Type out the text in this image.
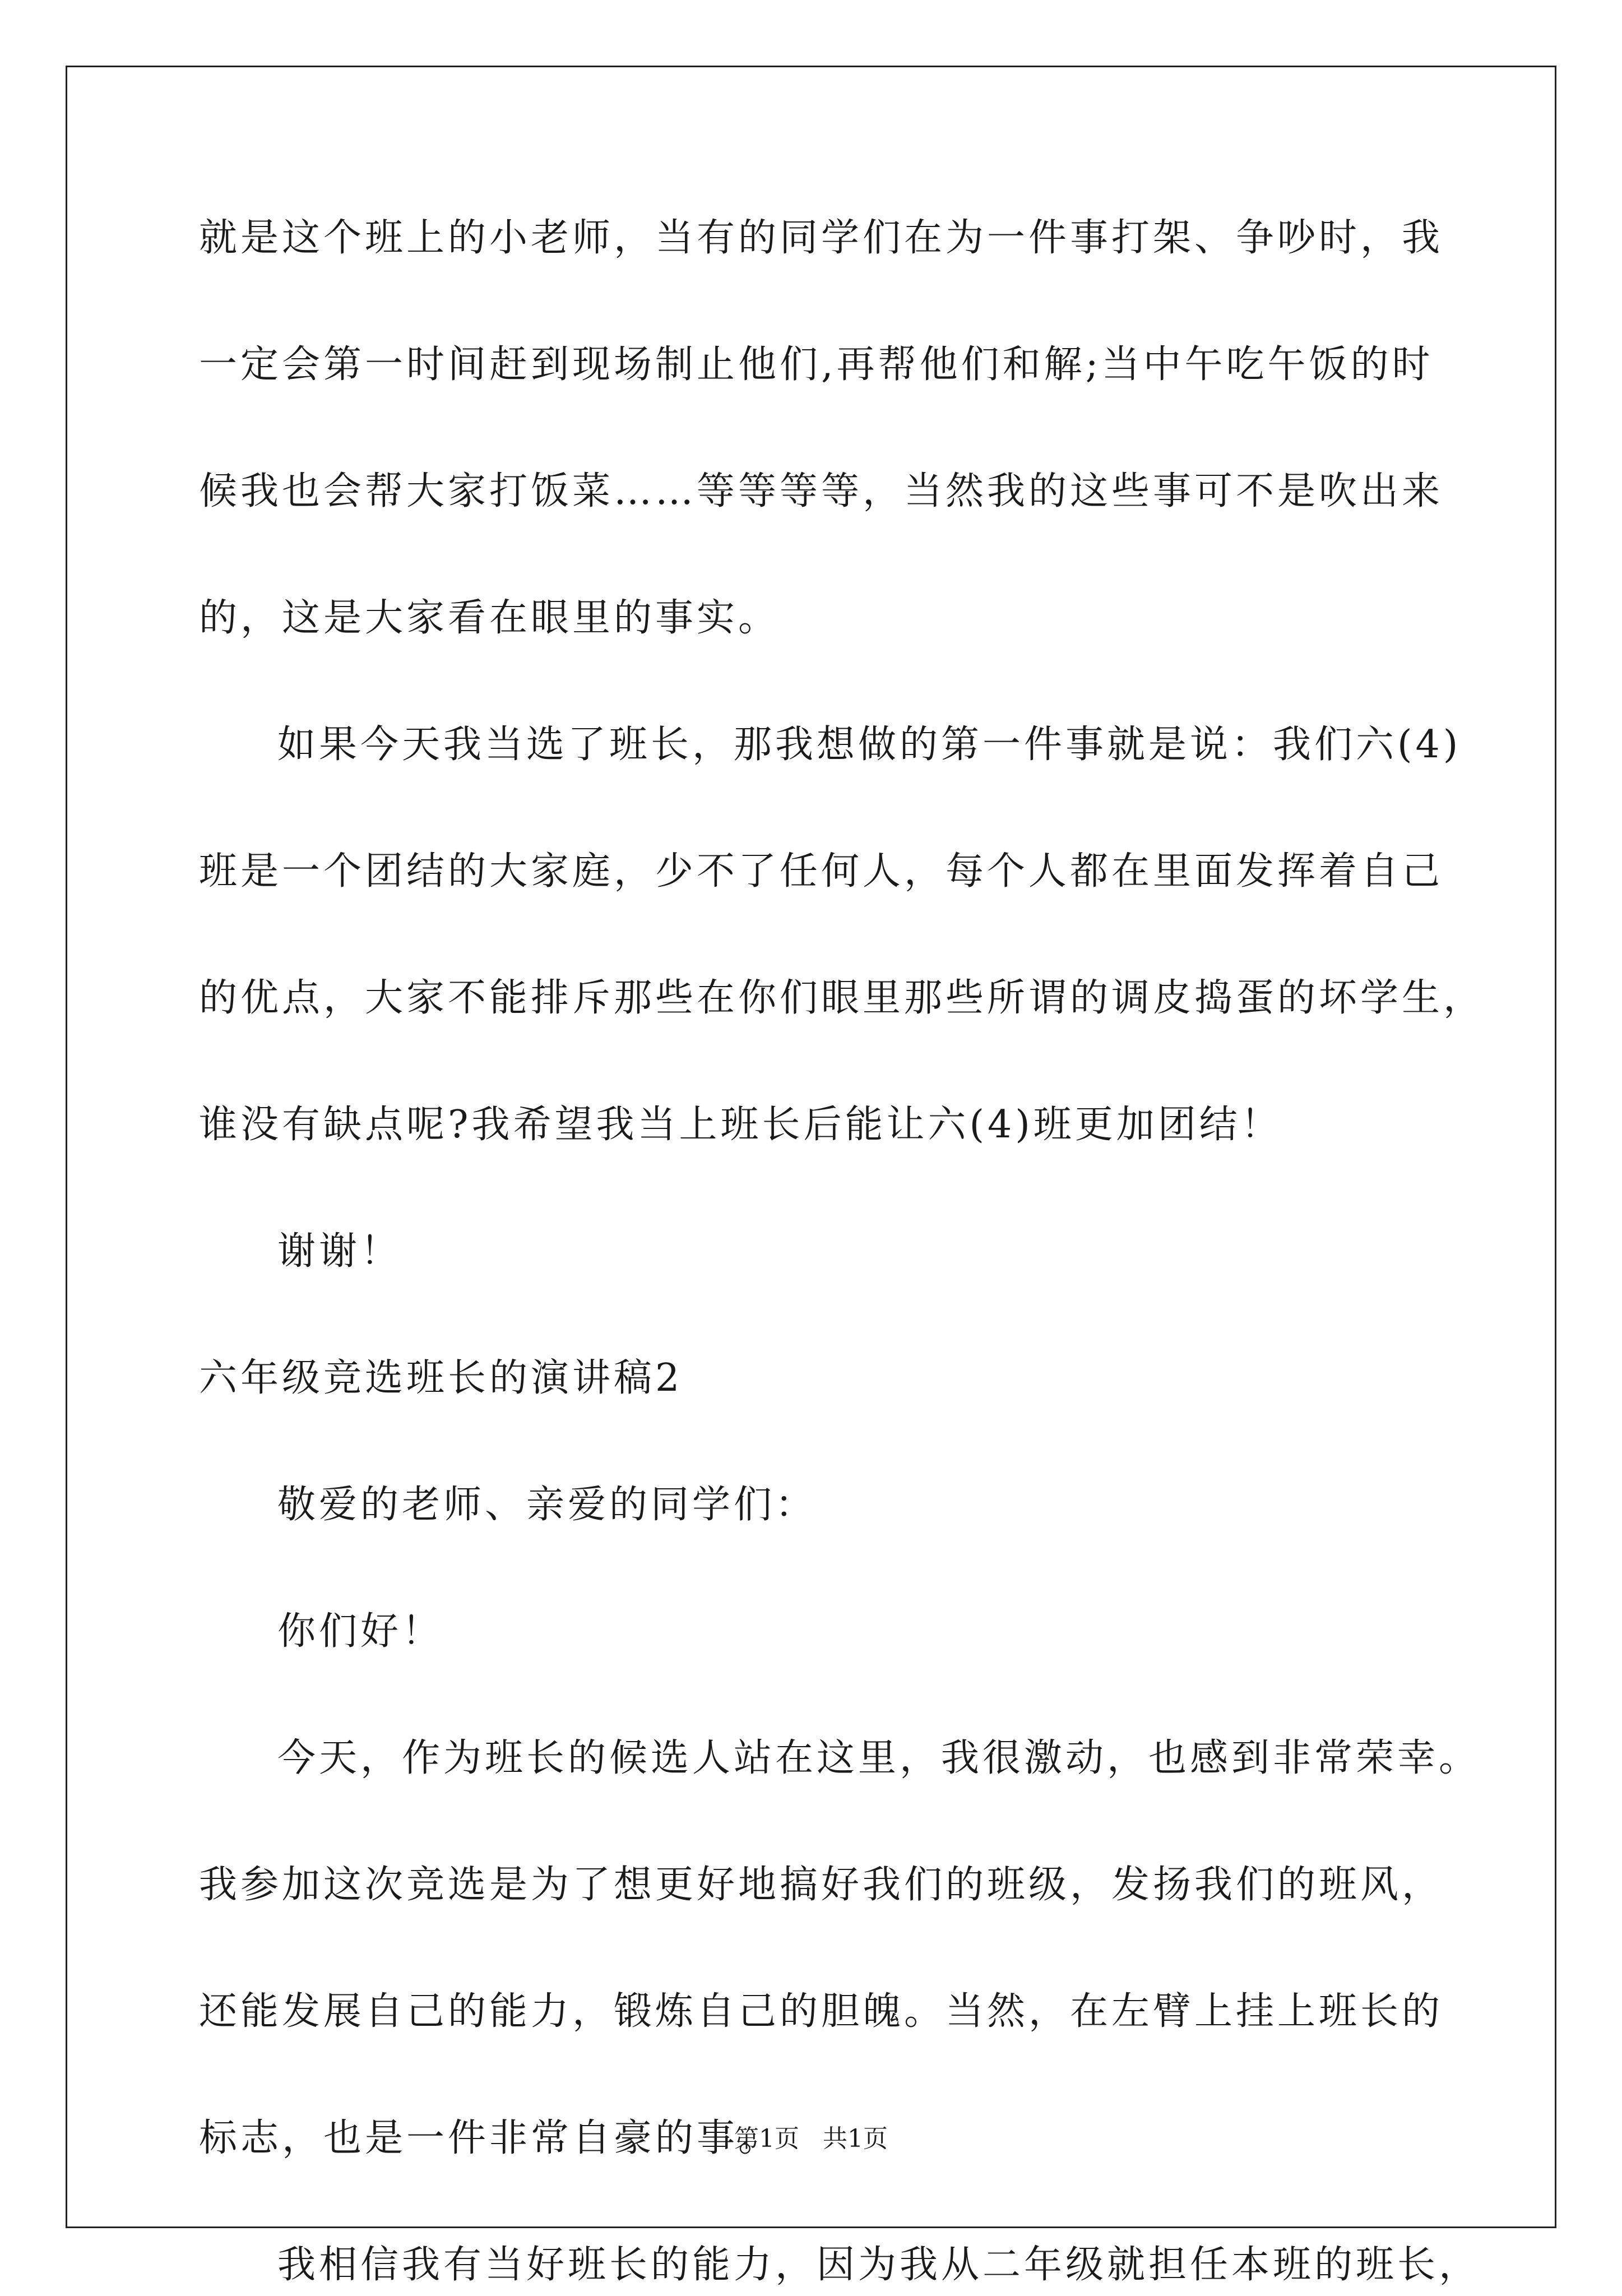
就是这个班上的小老师，当有的同学们在为一件事打架、争吵时，我
一定会第一时间赶到现场制止他们,再帮他们和解;当中午吃午饭的时
候我也会帮大家打饭菜……等等等等，当然我的这些事可不是吹出来
的，这是大家看在眼里的事实。
如果今天我当选了班长，那我想做的第一件事就是说：我们六(4)
班是一个团结的大家庭，少不了任何人，每个人都在里面发挥着自己
的优点，大家不能排斥那些在你们眼里那些所谓的调皮捣蛋的坏学生，
谁没有缺点呢?我希望我当上班长后能让六(4)班更加团结！
谢谢！
六年级竞选班长的演讲稿2
敬爱的老师、亲爱的同学们：
你们好！
今天，作为班长的候选人站在这里，我很激动，也感到非常荣幸。
我参加这次竞选是为了想更好地搞好我们的班级，发扬我们的班风，
还能发展自己的能力，锻炼自己的胆魄。当然，在左臂上挂上班长的
标志，也是一件非常自豪的事。
我相信我有当好班长的能力，因为我从二年级就担任本班的班长，
第1页   共1页
